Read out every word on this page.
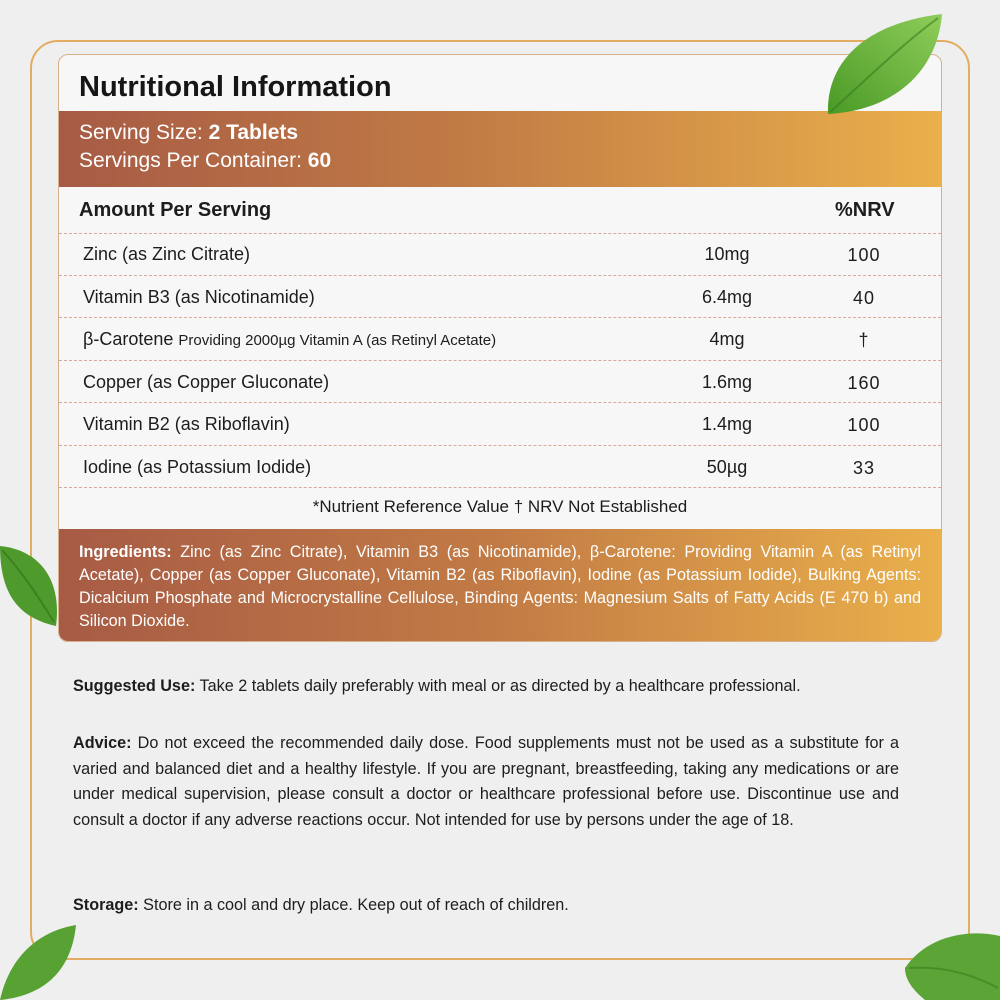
Nutritional Information
Serving Size: 2 Tablets
Servings Per Container: 60
Amount Per Serving	%NRV
Zinc (as Zinc Citrate)	10mg	100
Vitamin B3 (as Nicotinamide)	6.4mg	40
β-Carotene Providing 2000µg Vitamin A (as Retinyl Acetate)	4mg	†
Copper (as Copper Gluconate)	1.6mg	160
Vitamin B2 (as Riboflavin)	1.4mg	100
Iodine (as Potassium Iodide)	50µg	33
*Nutrient Reference Value † NRV Not Established
Ingredients: Zinc (as Zinc Citrate), Vitamin B3 (as Nicotinamide), β-Carotene: Providing Vitamin A (as Retinyl Acetate), Copper (as Copper Gluconate), Vitamin B2 (as Riboflavin), Iodine (as Potassium Iodide), Bulking Agents: Dicalcium Phosphate and Microcrystalline Cellulose, Binding Agents: Magnesium Salts of Fatty Acids (E 470 b) and Silicon Dioxide.
Suggested Use: Take 2 tablets daily preferably with meal or as directed by a healthcare professional.
Advice: Do not exceed the recommended daily dose. Food supplements must not be used as a substitute for a varied and balanced diet and a healthy lifestyle. If you are pregnant, breastfeeding, taking any medications or are under medical supervision, please consult a doctor or healthcare professional before use. Discontinue use and consult a doctor if any adverse reactions occur. Not intended for use by persons under the age of 18.
Storage: Store in a cool and dry place. Keep out of reach of children.
